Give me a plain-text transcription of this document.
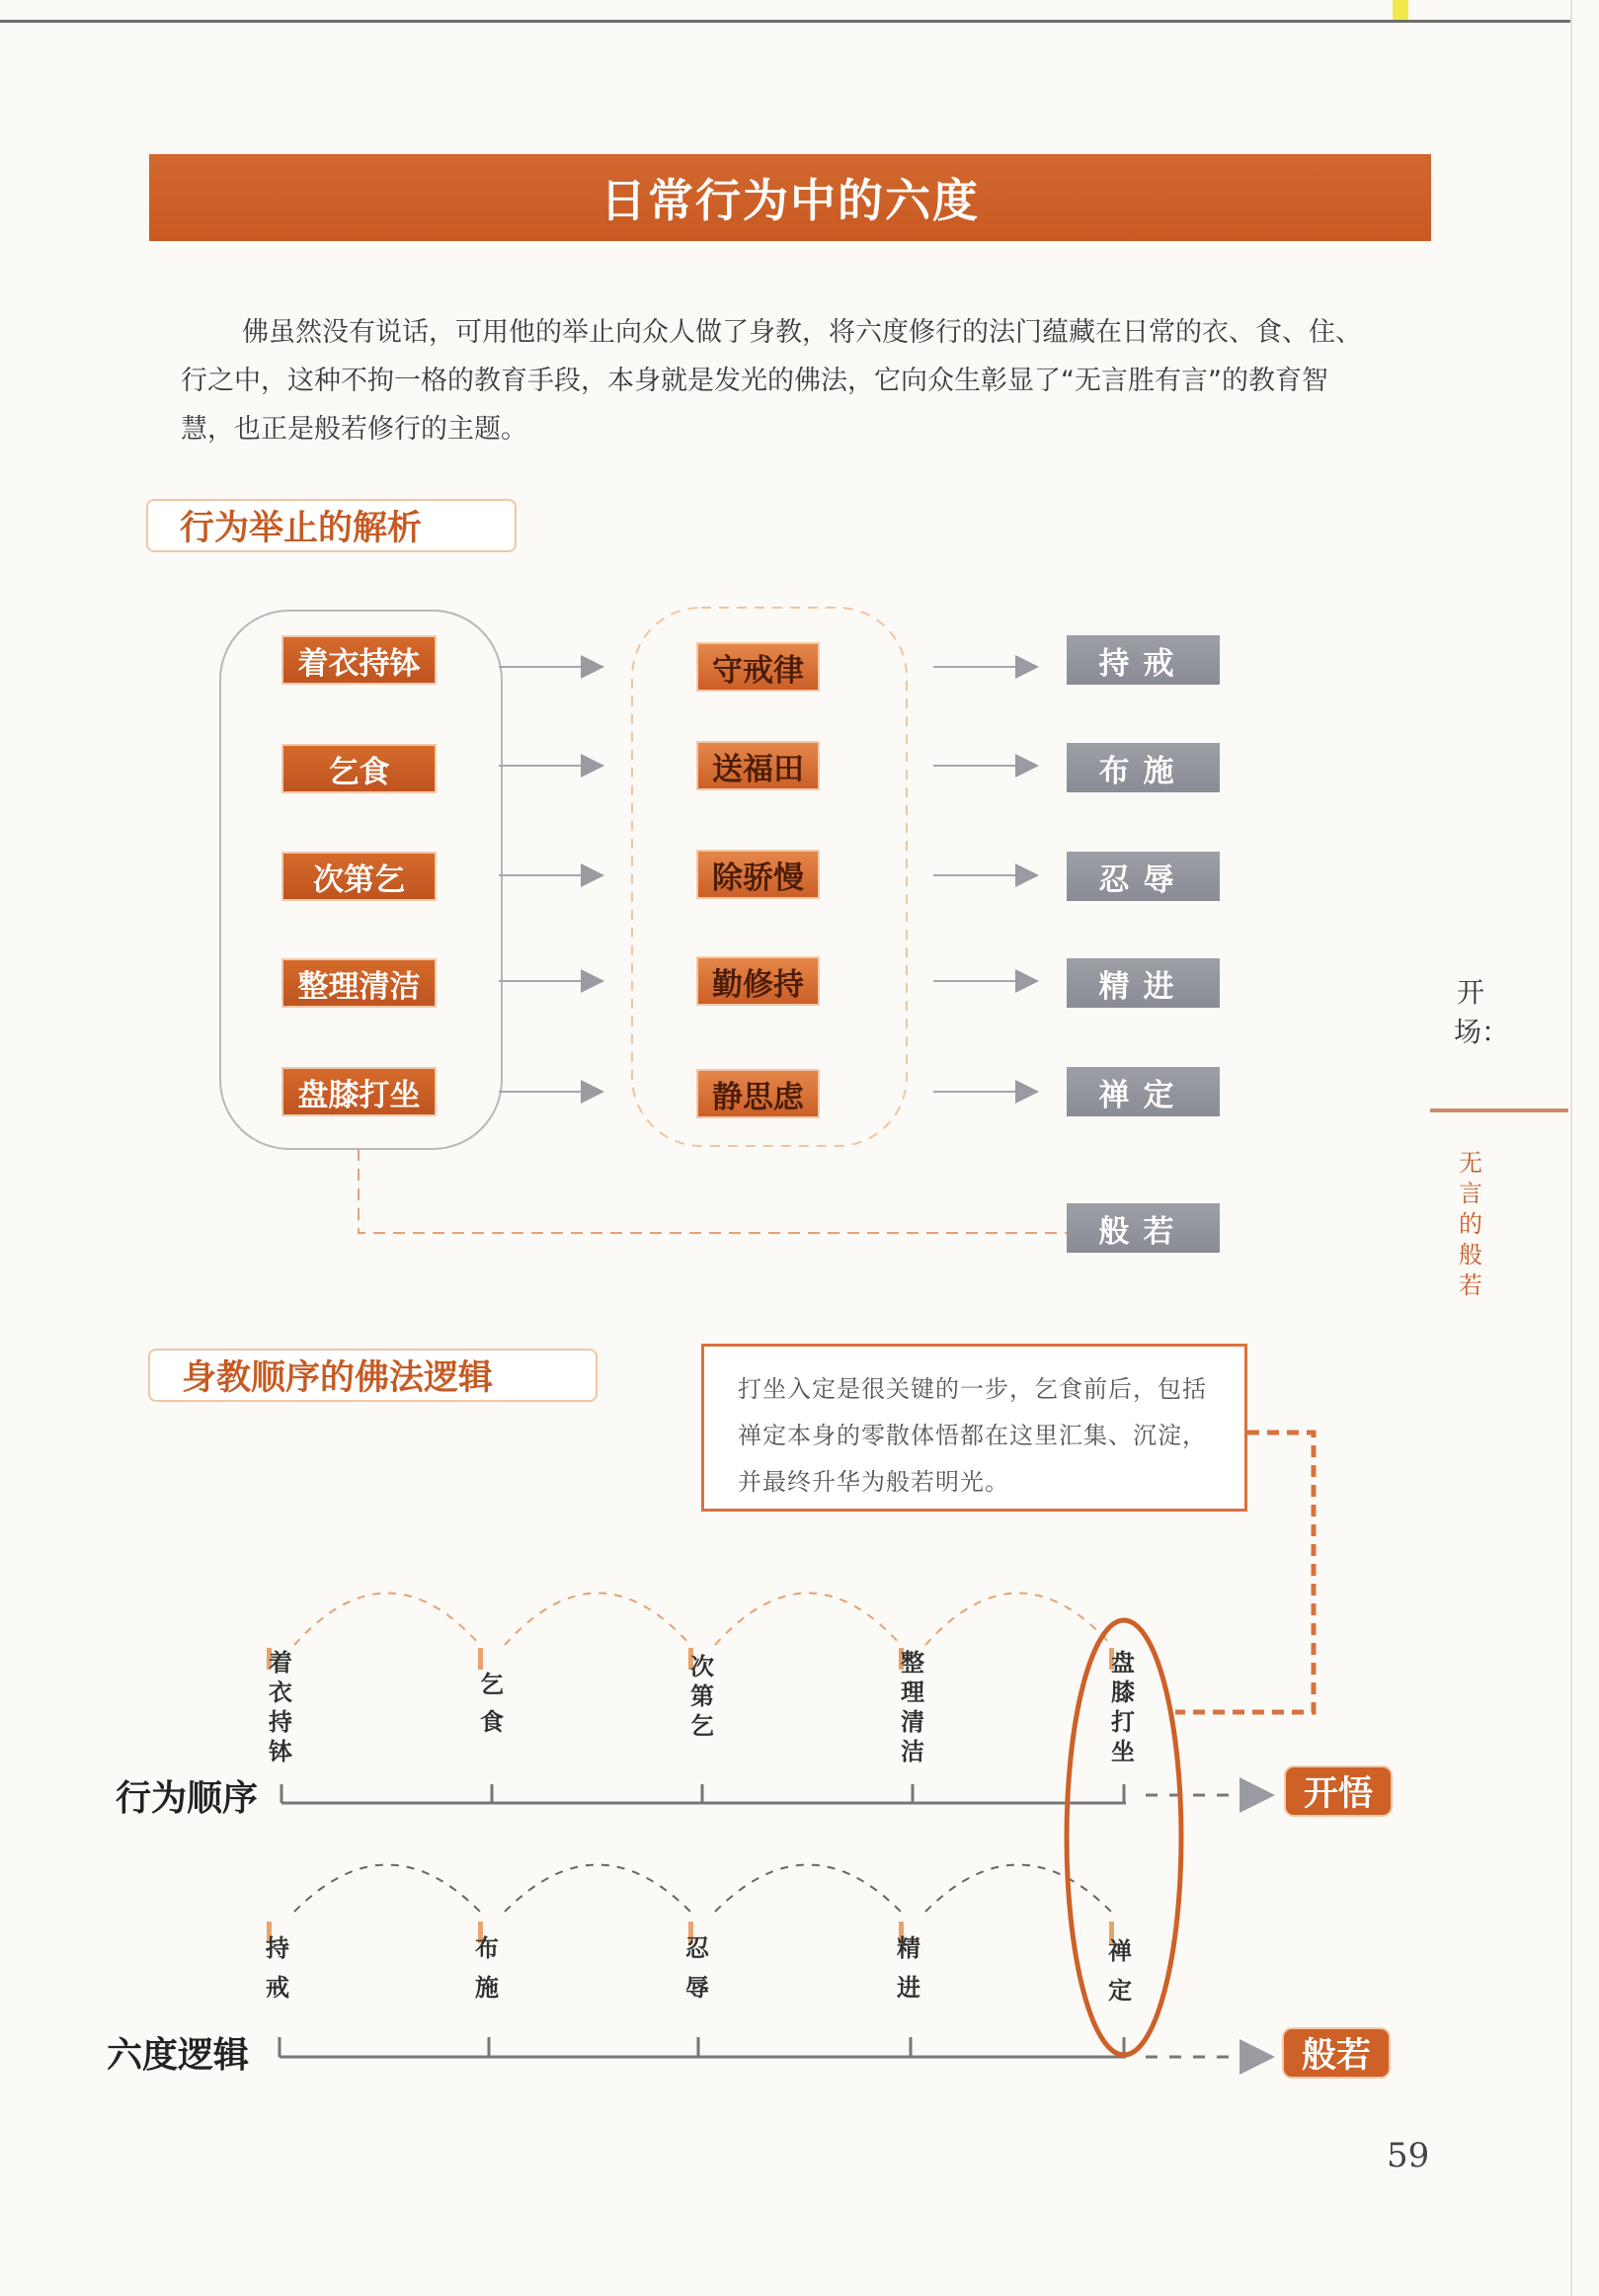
日常行为中的六度
佛虽然没有说话，可用他的举止向众人做了身教，将六度修行的法门蕴藏在日常的衣、食、住、行之中，这种不拘一格的教育手段，本身就是发光的佛法，它向众生彰显了“无言胜有言”的教育智慧，也正是般若修行的主题。
行为举止的解析
着衣持钵
乞食
次第乞
整理清洁
盘膝打坐
守戒律
送福田
除骄慢
勤修持
静思虑
持戒
布施
忍辱
精进
禅定
般若
开场：
无言的般若
身教顺序的佛法逻辑	打坐入定是很关键的一步，乞食前后，包括禅定本身的零散体悟都在这里汇集、沉淀，并最终升华为般若明光。
着衣持钵
乞食
次第乞
整理清洁
盘膝打坐
行为顺序	开悟
持戒
布施
忍辱
精进
禅定
六度逻辑	般若
59
